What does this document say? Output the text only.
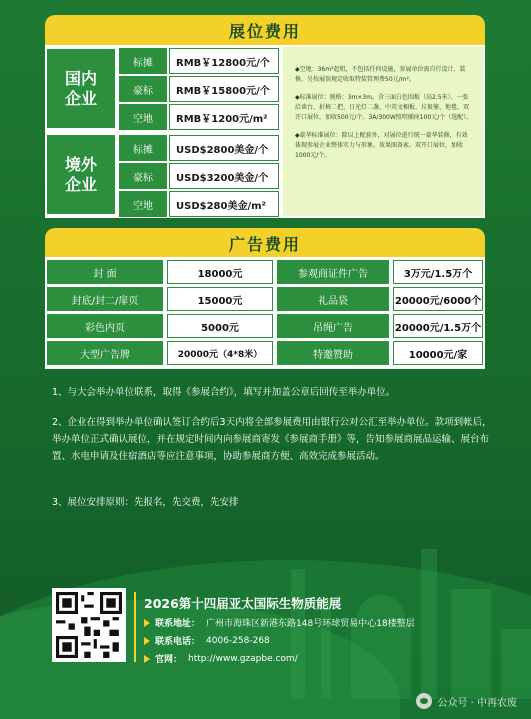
展位费用
国内
企业
标摊	RMB￥12800元/个
豪标	RMB￥15800元/个
空地	RMB￥1200元/m²
境外
企业
标摊	USD$2800美金/个
豪标	USD$3200美金/个
空地	USD$280美金/m²

◆空地：36m²起租，不包括任何设施，参展单位需自行设计、装修，另按展馆规定收取特装管理费50元/m²。

◆标准展位：规格：3m×3m，含三面白色围板（高2.5米）、一张洽谈台、折椅二把、日光灯二盏、中英文楣板、垃圾篓、地毯、双开口展位，加收500元/个。3A/300W照明插座100元/个（选配）。

◆豪华标准展位：除以上配套外，对展位进行统一豪华装修，有效体现参展企业整体实力与形象。效果图备索。双开口展位，加收1000元/个。

广告费用
封 面	18000元	参观商证件广告	3万元/1.5万个
封底/封二/扉页	15000元	礼品袋	20000元/6000个
彩色内页	5000元	吊绳广告	20000元/1.5万个
大型广告牌	20000元（4*8米）	特邀赞助	10000元/家
1、与大会举办单位联系，取得《参展合约》，填写并加盖公章后回传至举办单位。
2、企业在得到举办单位确认签订合约后3天内将全部参展费用由银行公对公汇至举办单位。款项到帐后，举办单位正式确认展位，并在规定时间内向参展商寄发《参展商手册》等，告知参展商展品运输、展台布置、水电申请及住宿酒店等应注意事项，协助参展商方便、高效完成参展活动。
3、展位安排原则：先报名，先交费，先安排
2026第十四届亚太国际生物质能展
联系地址： 广州市海珠区新港东路148号环球贸易中心18楼整层
联系电话： 4006-258-268
官网： http://www.gzapbe.com/
公众号 · 中再农废
